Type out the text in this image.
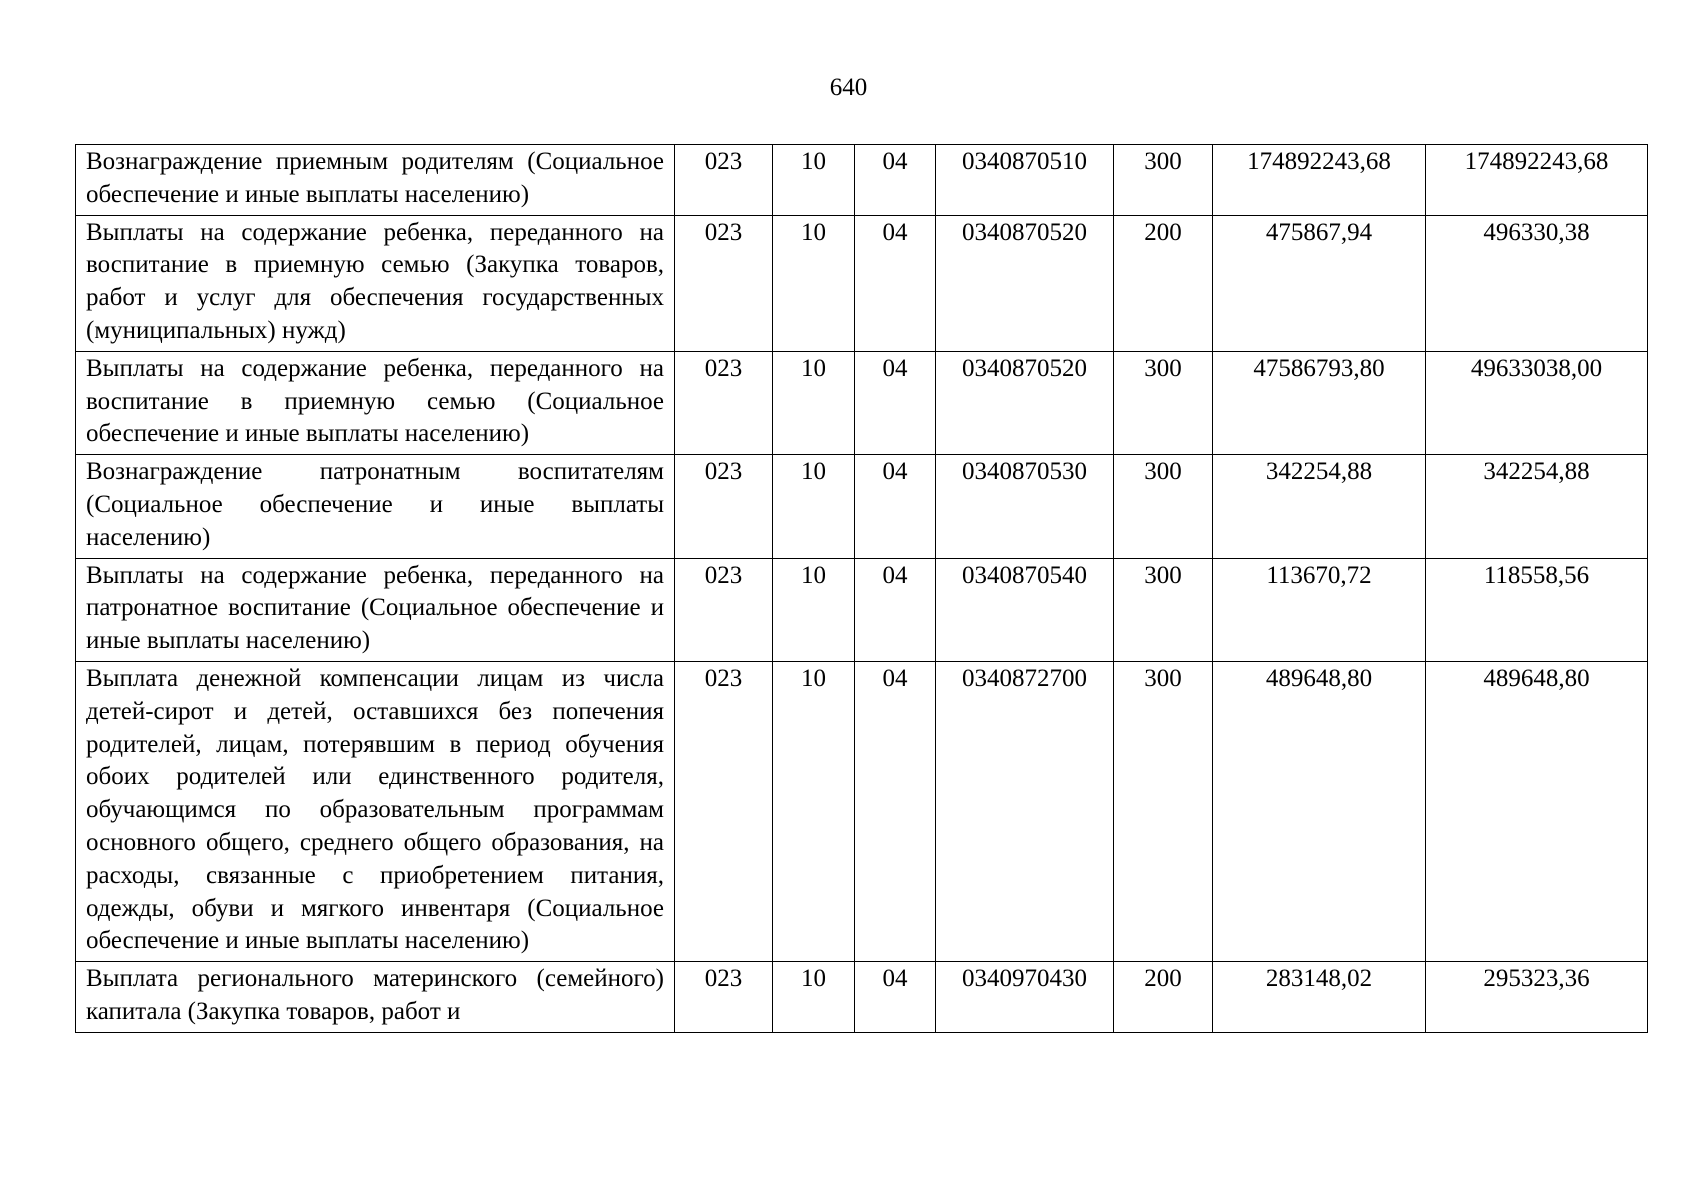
640
Вознаграждение приемным родителям (Социальное обеспечение и иные выплаты населению)	023	10	04	0340870510	300	174892243,68	174892243,68
Выплаты на содержание ребенка, переданного на воспитание в приемную семью (Закупка товаров, работ и услуг для обеспечения государственных (муниципальных) нужд)	023	10	04	0340870520	200	475867,94	496330,38
Выплаты на содержание ребенка, переданного на воспитание в приемную семью (Социальное обеспечение и иные выплаты населению)	023	10	04	0340870520	300	47586793,80	49633038,00
Вознаграждение патронатным воспитателям (Социальное обеспечение и иные выплаты населению)	023	10	04	0340870530	300	342254,88	342254,88
Выплаты на содержание ребенка, переданного на патронатное воспитание (Социальное обеспечение и иные выплаты населению)	023	10	04	0340870540	300	113670,72	118558,56
Выплата денежной компенсации лицам из числа детей-сирот и детей, оставшихся без попечения родителей, лицам, потерявшим в период обучения обоих родителей или единственного родителя, обучающимся по образовательным программам основного общего, среднего общего образования, на расходы, связанные с приобретением питания, одежды, обуви и мягкого инвентаря (Социальное обеспечение и иные выплаты населению)	023	10	04	0340872700	300	489648,80	489648,80
Выплата регионального материнского (семейного) капитала (Закупка товаров, работ и	023	10	04	0340970430	200	283148,02	295323,36
